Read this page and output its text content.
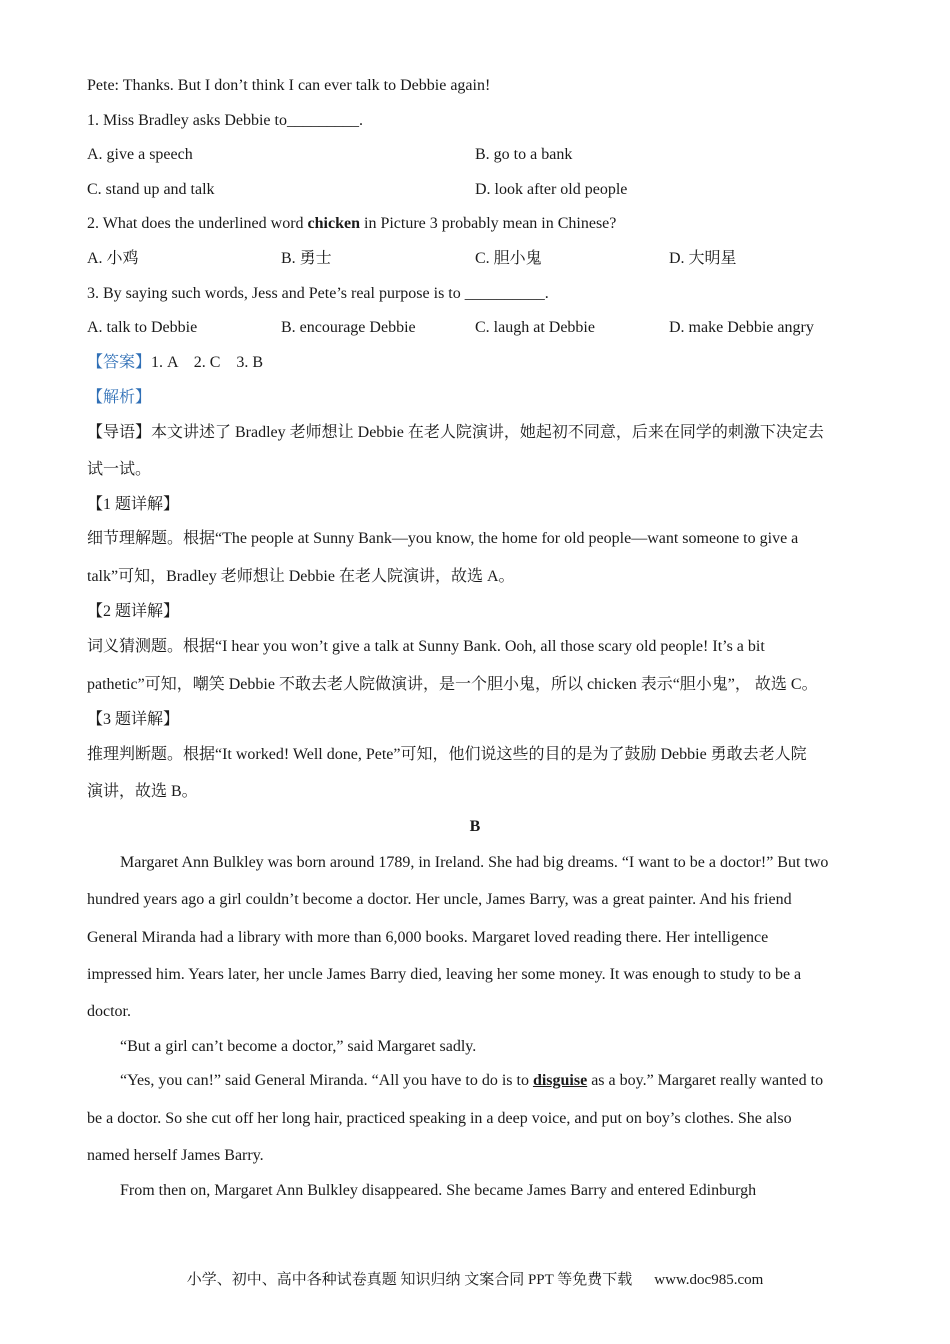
Pete: Thanks. But I don’t think I can ever talk to Debbie again!
1. Miss Bradley asks Debbie to_________.
A. give a speech	B. go to a bank
C. stand up and talk	D. look after old people
2. What does the underlined word chicken in Picture 3 probably mean in Chinese?
A. 小鸡	B. 勇士	C. 胆小鬼	D. 大明星
3. By saying such words, Jess and Pete’s real purpose is to __________.
A. talk to Debbie	B. encourage Debbie	C. laugh at Debbie	D. make Debbie angry
【答案】1. A    2. C    3. B
【解析】
【导语】本文讲述了 Bradley 老师想让 Debbie 在老人院演讲，她起初不同意，后来在同学的刺激下决定去
试一试。
【1 题详解】
细节理解题。根据“The people at Sunny Bank—you know, the home for old people—want someone to give a
talk”可知，Bradley 老师想让 Debbie 在老人院演讲，故选 A。
【2 题详解】
词义猜测题。根据“I hear you won’t give a talk at Sunny Bank. Ooh, all those scary old people! It’s a bit
pathetic”可知，嘲笑 Debbie 不敢去老人院做演讲，是一个胆小鬼，所以 chicken 表示“胆小鬼”， 故选 C。
【3 题详解】
推理判断题。根据“It worked! Well done, Pete”可知，他们说这些的目的是为了鼓励 Debbie 勇敢去老人院
演讲，故选 B。
B
Margaret Ann Bulkley was born around 1789, in Ireland. She had big dreams. “I want to be a doctor!” But two
hundred years ago a girl couldn’t become a doctor. Her uncle, James Barry, was a great painter. And his friend
General Miranda had a library with more than 6,000 books. Margaret loved reading there. Her intelligence
impressed him. Years later, her uncle James Barry died, leaving her some money. It was enough to study to be a
doctor.
“But a girl can’t become a doctor,” said Margaret sadly.
“Yes, you can!” said General Miranda. “All you have to do is to disguise as a boy.” Margaret really wanted to
be a doctor. So she cut off her long hair, practiced speaking in a deep voice, and put on boy’s clothes. She also
named herself James Barry.
From then on, Margaret Ann Bulkley disappeared. She became James Barry and entered Edinburgh
小学、初中、高中各种试卷真题 知识归纳 文案合同 PPT 等免费下载 www.doc985.com
